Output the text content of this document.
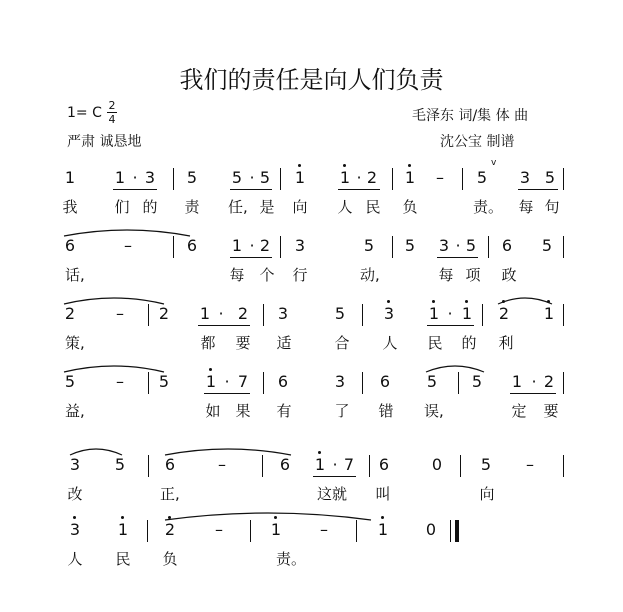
我们的责任是向人们负责
1= C 2
4
严肃 诚恳地
毛泽东 词/集 体 曲
沈公宝 制谱
1 1 · 3 5 5 · 5 1 1 · 2 1 – 5
v
3 5
我 们 的 责 任, 是 向 人 民 负	责。 每 句
6	–	6 1 · 2 3	5 5 3 · 5 6 5
话,	每 个 行	动,	每 项 政
2	– 2 1 · 2 3	5 3 1 · 1 2 1
策,	都 要 适	合 人 民 的 利
5	– 5 1 · 7 6	3 6 5 5 1 · 2
益,	如 果 有	了 错 误,	定 要
3 5 6	–	6 1 · 7 6	0 5 –
改	正,	这就 叫	向
3 1 2 –	1 –	1 0
人 民 负	责。
